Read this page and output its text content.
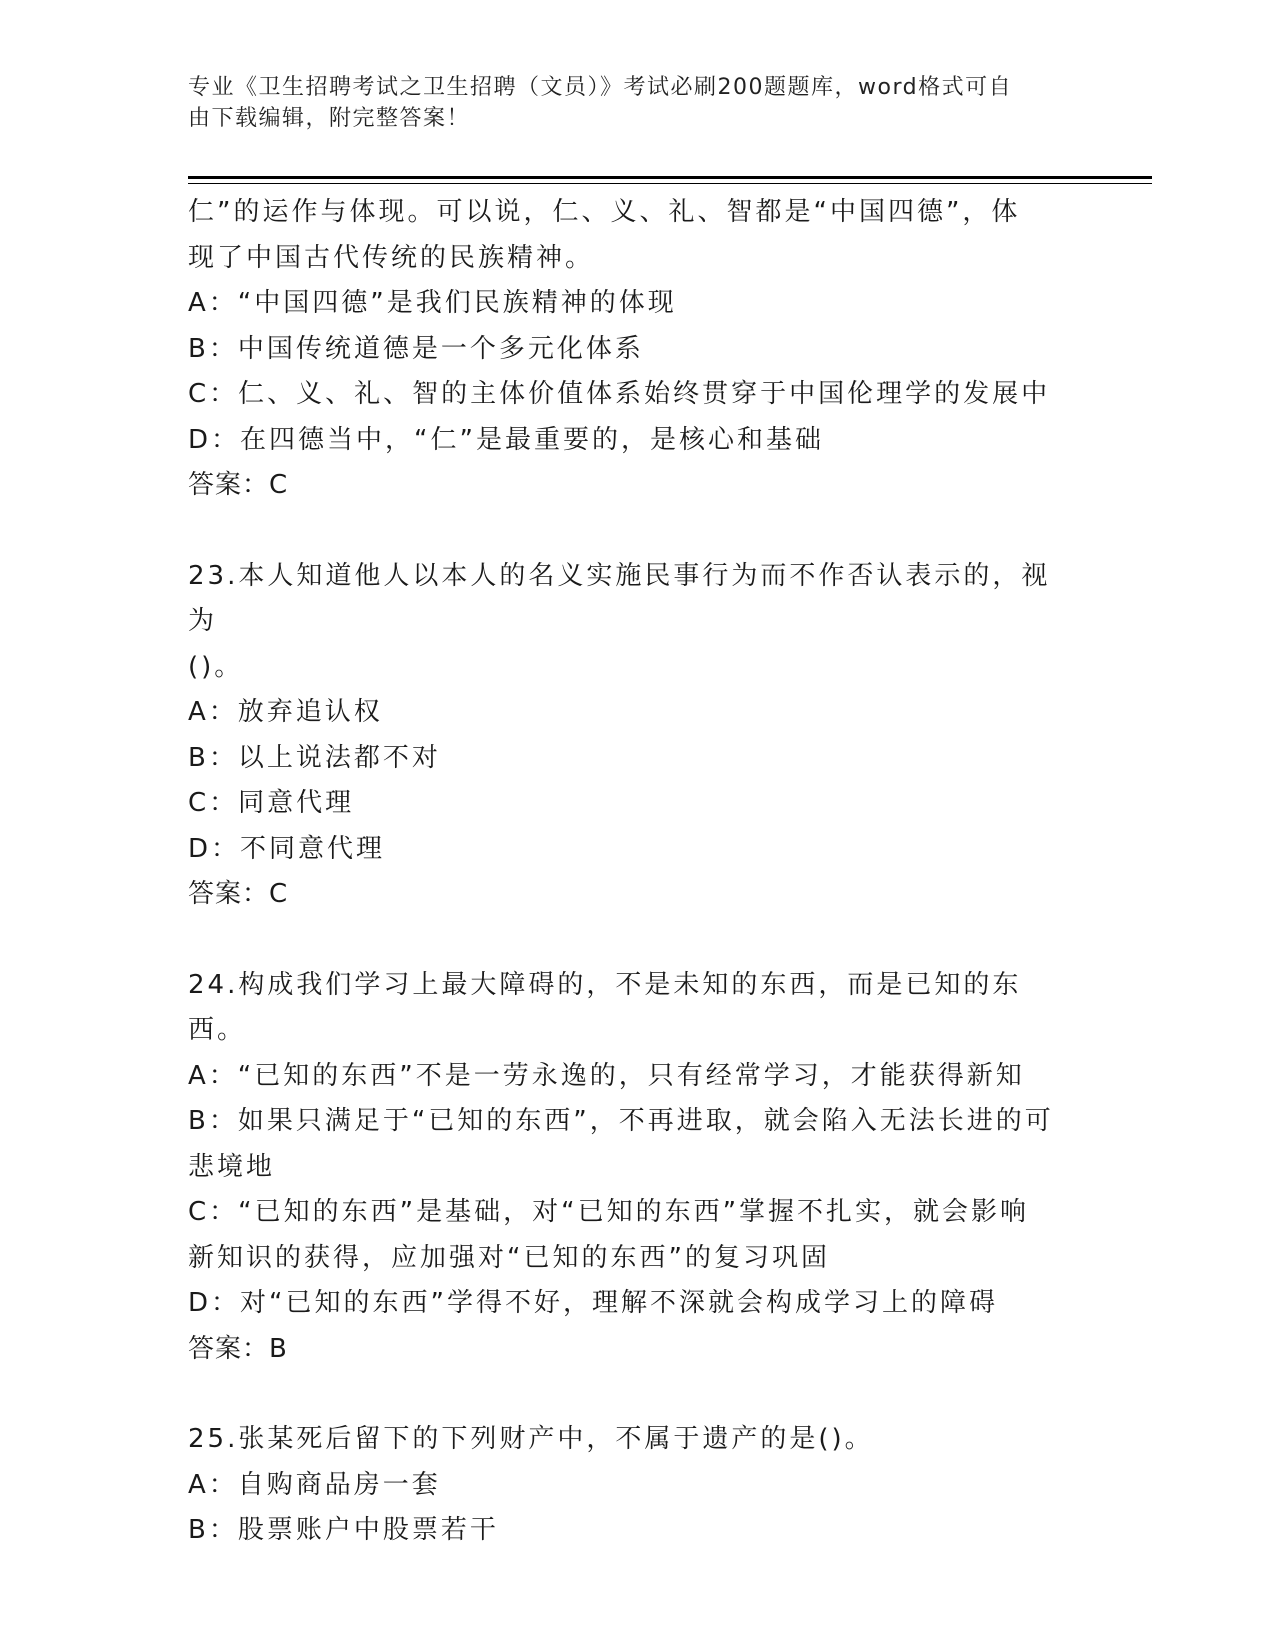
专业《卫生招聘考试之卫生招聘（文员）》考试必刷200题题库，word格式可自
由下载编辑，附完整答案！
仁”的运作与体现。可以说，仁、义、礼、智都是“中国四德”，体
现了中国古代传统的民族精神。
A：“中国四德”是我们民族精神的体现
B：中国传统道德是一个多元化体系
C：仁、义、礼、智的主体价值体系始终贯穿于中国伦理学的发展中
D：在四德当中，“仁”是最重要的，是核心和基础
答案：C
23.本人知道他人以本人的名义实施民事行为而不作否认表示的，视为
()。
A：放弃追认权
B：以上说法都不对
C：同意代理
D：不同意代理
答案：C
24.构成我们学习上最大障碍的，不是未知的东西，而是已知的东西。
A：“已知的东西”不是一劳永逸的，只有经常学习，才能获得新知
B：如果只满足于“已知的东西”，不再进取，就会陷入无法长进的可
悲境地
C：“已知的东西”是基础，对“已知的东西”掌握不扎实，就会影响
新知识的获得，应加强对“已知的东西”的复习巩固
D：对“已知的东西”学得不好，理解不深就会构成学习上的障碍
答案：B
25.张某死后留下的下列财产中，不属于遗产的是()。
A：自购商品房一套
B：股票账户中股票若干
